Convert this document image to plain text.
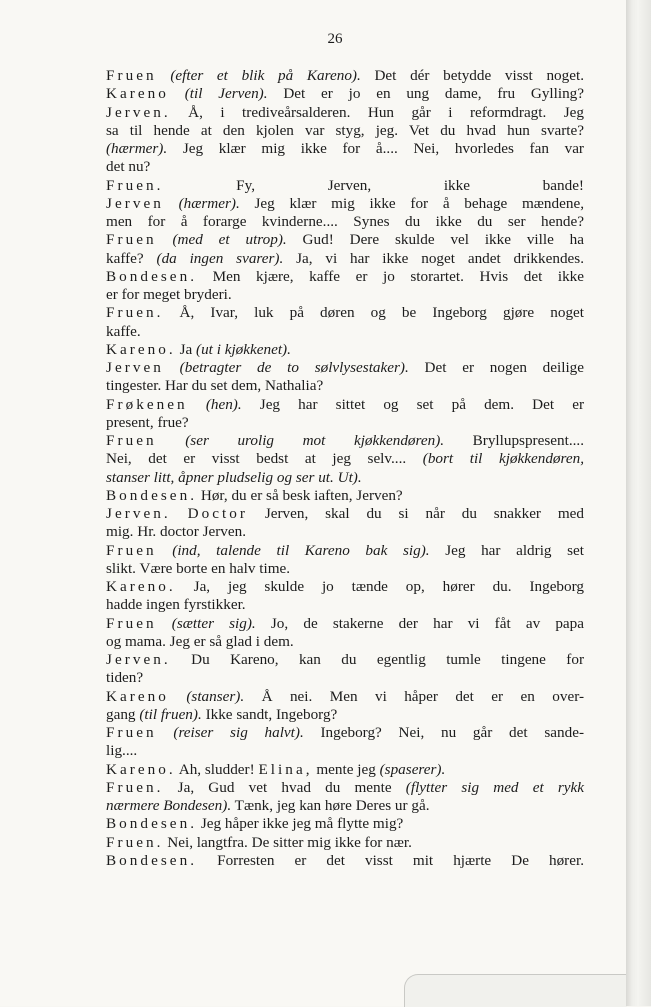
26
Fruen (efter et blik på Kareno). Det dér betydde visst noget.
Kareno (til Jerven). Det er jo en ung dame, fru Gylling?
Jerven. Å, i trediveårsalderen. Hun går i reformdragt. Jeg
sa til hende at den kjolen var styg, jeg. Vet du hvad hun svarte?
(hærmer). Jeg klær mig ikke for å.... Nei, hvorledes fan var
det nu?
Fruen. Fy, Jerven, ikke bande!
Jerven (hærmer). Jeg klær mig ikke for å behage mændene,
men for å forarge kvinderne.... Synes du ikke du ser hende?
Fruen (med et utrop). Gud! Dere skulde vel ikke ville ha
kaffe? (da ingen svarer). Ja, vi har ikke noget andet drikkendes.
Bondesen. Men kjære, kaffe er jo storartet. Hvis det ikke
er for meget bryderi.
Fruen. Å, Ivar, luk på døren og be Ingeborg gjøre noget
kaffe.
Kareno. Ja (ut i kjøkkenet).
Jerven (betragter de to sølvlysestaker). Det er nogen deilige
tingester. Har du set dem, Nathalia?
Frøkenen (hen). Jeg har sittet og set på dem. Det er
present, frue?
Fruen (ser urolig mot kjøkkendøren). Bryllupspresent....
Nei, det er visst bedst at jeg selv.... (bort til kjøkkendøren,
stanser litt, åpner pludselig og ser ut. Ut).
Bondesen. Hør, du er så besk iaften, Jerven?
Jerven. Doctor Jerven, skal du si når du snakker med
mig. Hr. doctor Jerven.
Fruen (ind, talende til Kareno bak sig). Jeg har aldrig set
slikt. Være borte en halv time.
Kareno. Ja, jeg skulde jo tænde op, hører du. Ingeborg
hadde ingen fyrstikker.
Fruen (sætter sig). Jo, de stakerne der har vi fåt av papa
og mama. Jeg er så glad i dem.
Jerven. Du Kareno, kan du egentlig tumle tingene for
tiden?
Kareno (stanser). Å nei. Men vi håper det er en over-
gang (til fruen). Ikke sandt, Ingeborg?
Fruen (reiser sig halvt). Ingeborg? Nei, nu går det sande-
lig....
Kareno. Ah, sludder! Elina, mente jeg (spaserer).
Fruen. Ja, Gud vet hvad du mente (flytter sig med et rykk
nærmere Bondesen). Tænk, jeg kan høre Deres ur gå.
Bondesen. Jeg håper ikke jeg må flytte mig?
Fruen. Nei, langtfra. De sitter mig ikke for nær.
Bondesen. Forresten er det visst mit hjærte De hører.
